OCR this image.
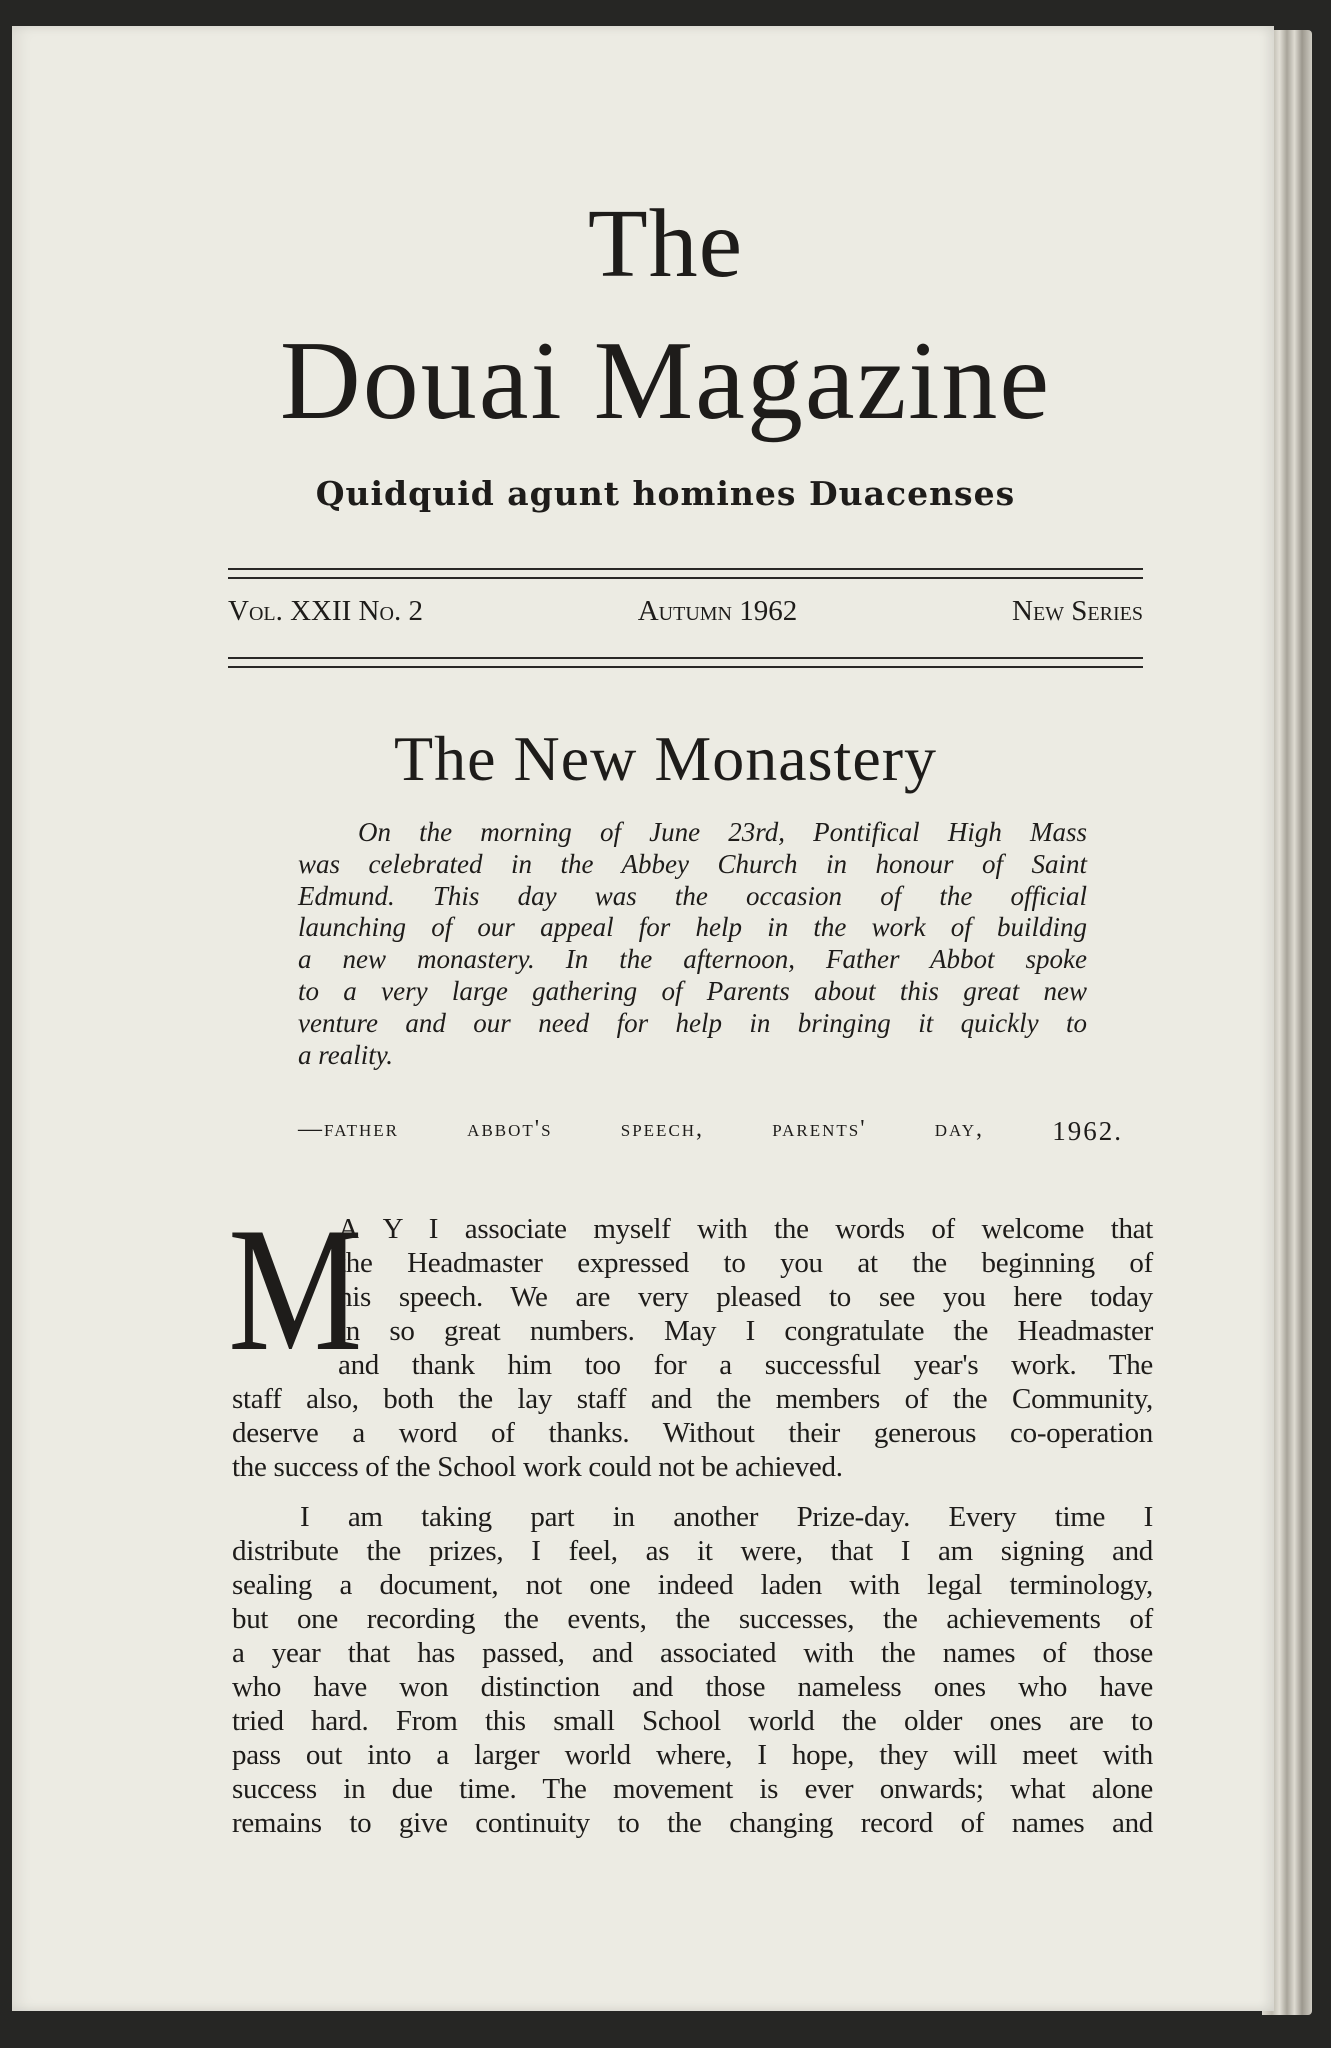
The
Douai Magazine
Quidquid agunt homines Duacenses
Vol. XXII No. 2	Autumn 1962	New Series
The New Monastery
On the morning of June 23rd, Pontifical High Mass
was celebrated in the Abbey Church in honour of Saint
Edmund. This day was the occasion of the official
launching of our appeal for help in the work of building
a new monastery. In the afternoon, Father Abbot spoke
to a very large gathering of Parents about this great new
venture and our need for help in bringing it quickly to
a reality.
—father	abbot's	speech,	parents'	day,	1962.
M
A Y I associate myself with the words of welcome that
the Headmaster expressed to you at the beginning of
his speech. We are very pleased to see you here today
in so great numbers. May I congratulate the Headmaster
and thank him too for a successful year's work. The
staff also, both the lay staff and the members of the Community,
deserve a word of thanks. Without their generous co-operation
the success of the School work could not be achieved.
I am taking part in another Prize-day. Every time I
distribute the prizes, I feel, as it were, that I am signing and
sealing a document, not one indeed laden with legal terminology,
but one recording the events, the successes, the achievements of
a year that has passed, and associated with the names of those
who have won distinction and those nameless ones who have
tried hard. From this small School world the older ones are to
pass out into a larger world where, I hope, they will meet with
success in due time. The movement is ever onwards; what alone
remains to give continuity to the changing record of names and
